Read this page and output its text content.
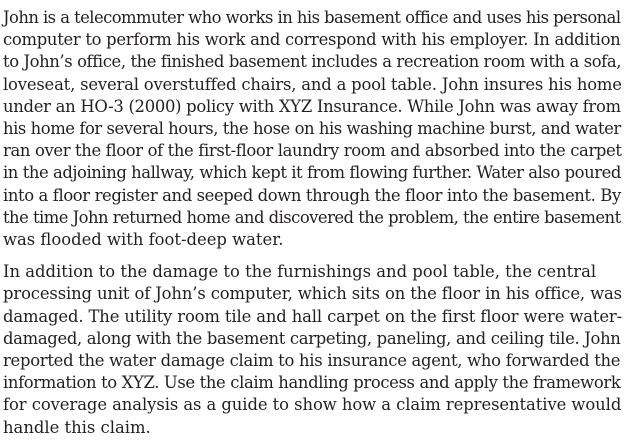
John is a telecommuter who works in his basement office and uses his personal
computer to perform his work and correspond with his employer. In addition
to John’s office, the finished basement includes a recreation room with a sofa,
loveseat, several overstuffed chairs, and a pool table. John insures his home
under an HO-3 (2000) policy with XYZ Insurance. While John was away from
his home for several hours, the hose on his washing machine burst, and water
ran over the floor of the first-floor laundry room and absorbed into the carpet
in the adjoining hallway, which kept it from flowing further. Water also poured
into a floor register and seeped down through the floor into the basement. By
the time John returned home and discovered the problem, the entire basement
was flooded with foot-deep water.

In addition to the damage to the furnishings and pool table, the central
processing unit of John’s computer, which sits on the floor in his office, was
damaged. The utility room tile and hall carpet on the first floor were water-
damaged, along with the basement carpeting, paneling, and ceiling tile. John
reported the water damage claim to his insurance agent, who forwarded the
information to XYZ. Use the claim handling process and apply the framework
for coverage analysis as a guide to show how a claim representative would
handle this claim.
